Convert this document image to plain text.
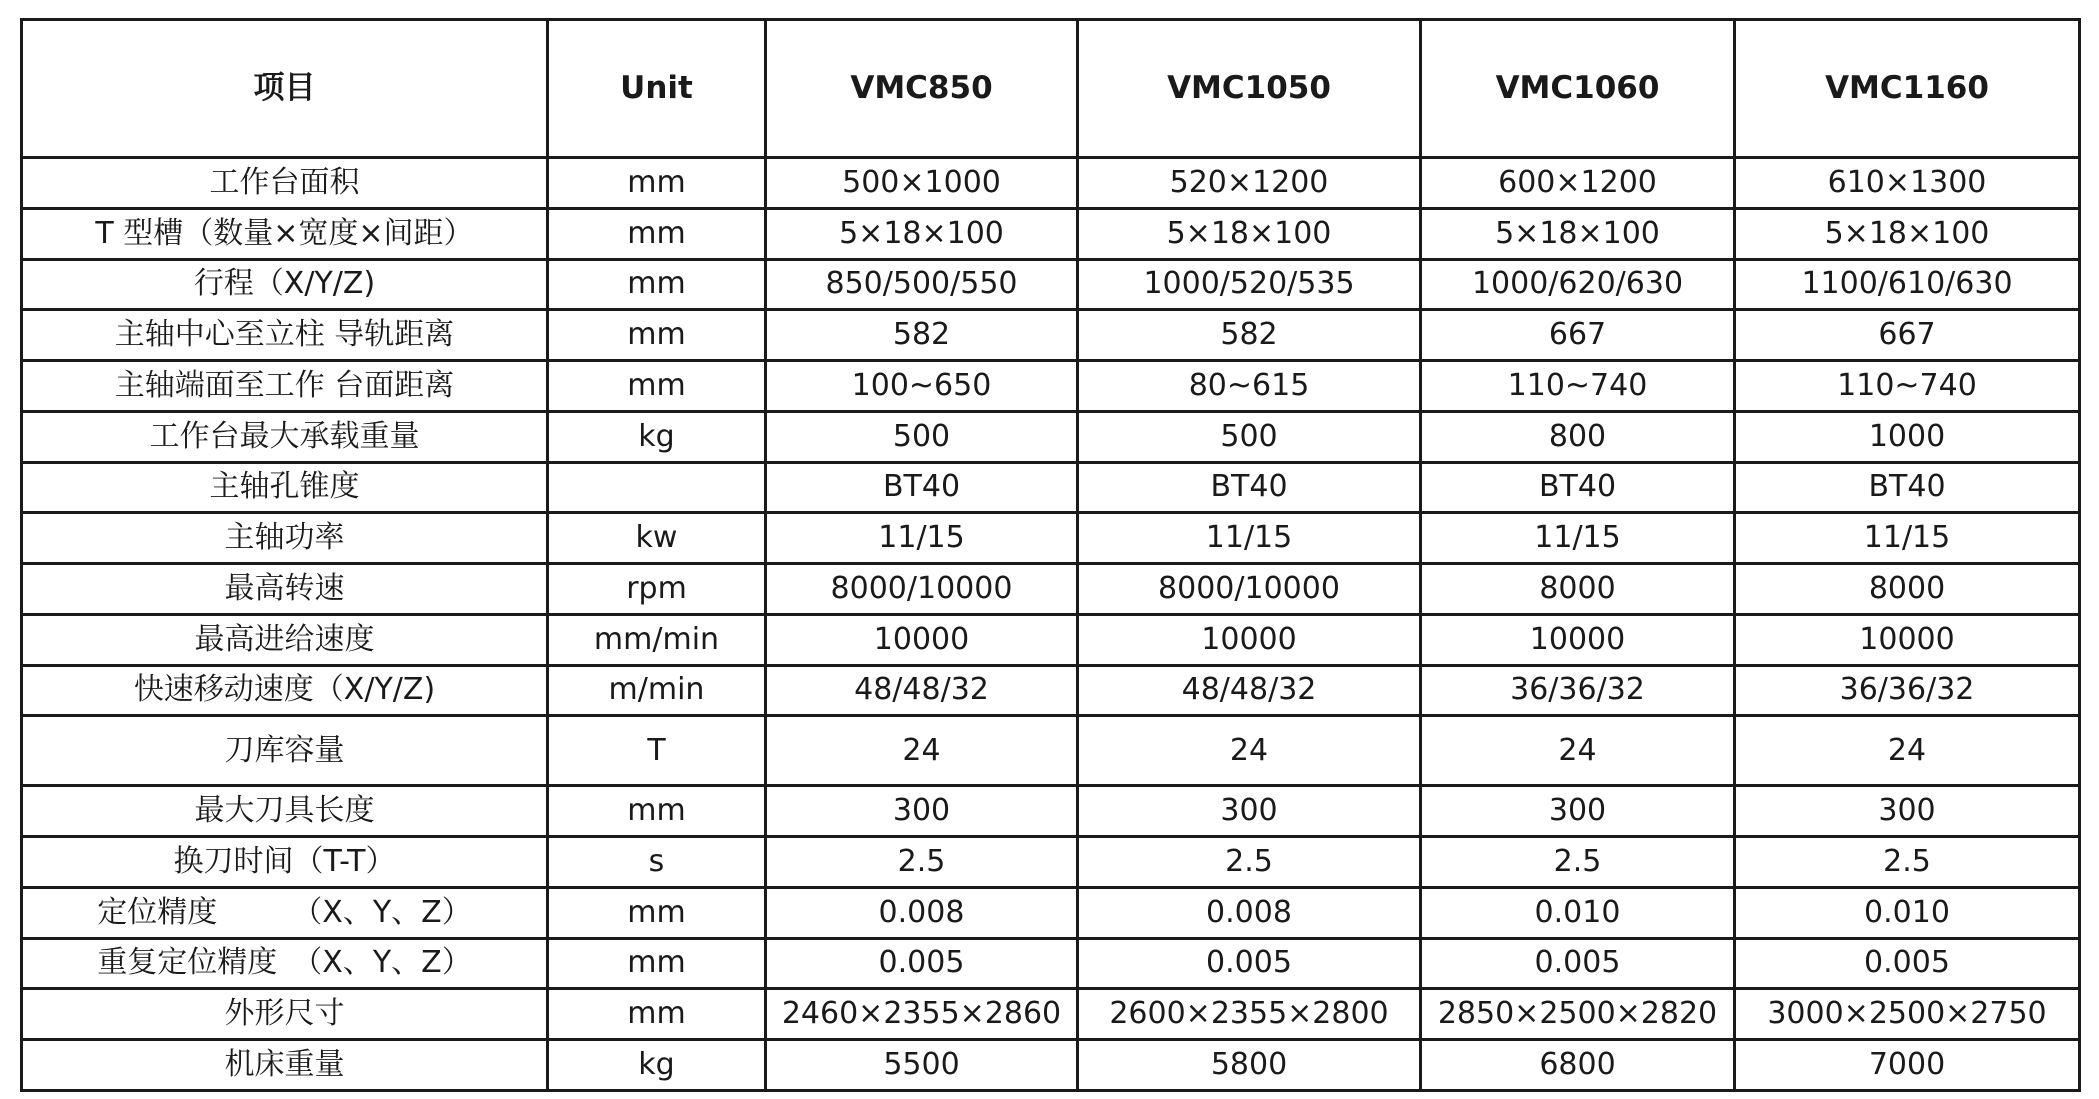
项目	Unit	VMC850	VMC1050	VMC1060	VMC1160
工作台面积	mm	500×1000	520×1200	600×1200	610×1300
T 型槽（数量×宽度×间距）	mm	5×18×100	5×18×100	5×18×100	5×18×100
行程（X/Y/Z)	mm	850/500/550	1000/520/535	1000/620/630	1100/610/630
主轴中心至立柱 导轨距离	mm	582	582	667	667
主轴端面至工作 台面距离	mm	100~650	80~615	110~740	110~740
工作台最大承载重量	kg	500	500	800	1000
主轴孔锥度		BT40	BT40	BT40	BT40
主轴功率	kw	11/15	11/15	11/15	11/15
最高转速	rpm	8000/10000	8000/10000	8000	8000
最高进给速度	mm/min	10000	10000	10000	10000
快速移动速度（X/Y/Z)	m/min	48/48/32	48/48/32	36/36/32	36/36/32
刀库容量	T	24	24	24	24
最大刀具长度	mm	300	300	300	300
换刀时间（T-T）	s	2.5	2.5	2.5	2.5
定位精度　　　（X、Y、Z）	mm	0.008	0.008	0.010	0.010
重复定位精度　（X、Y、Z）	mm	0.005	0.005	0.005	0.005
外形尺寸	mm	2460×2355×2860	2600×2355×2800	2850×2500×2820	3000×2500×2750
机床重量	kg	5500	5800	6800	7000
